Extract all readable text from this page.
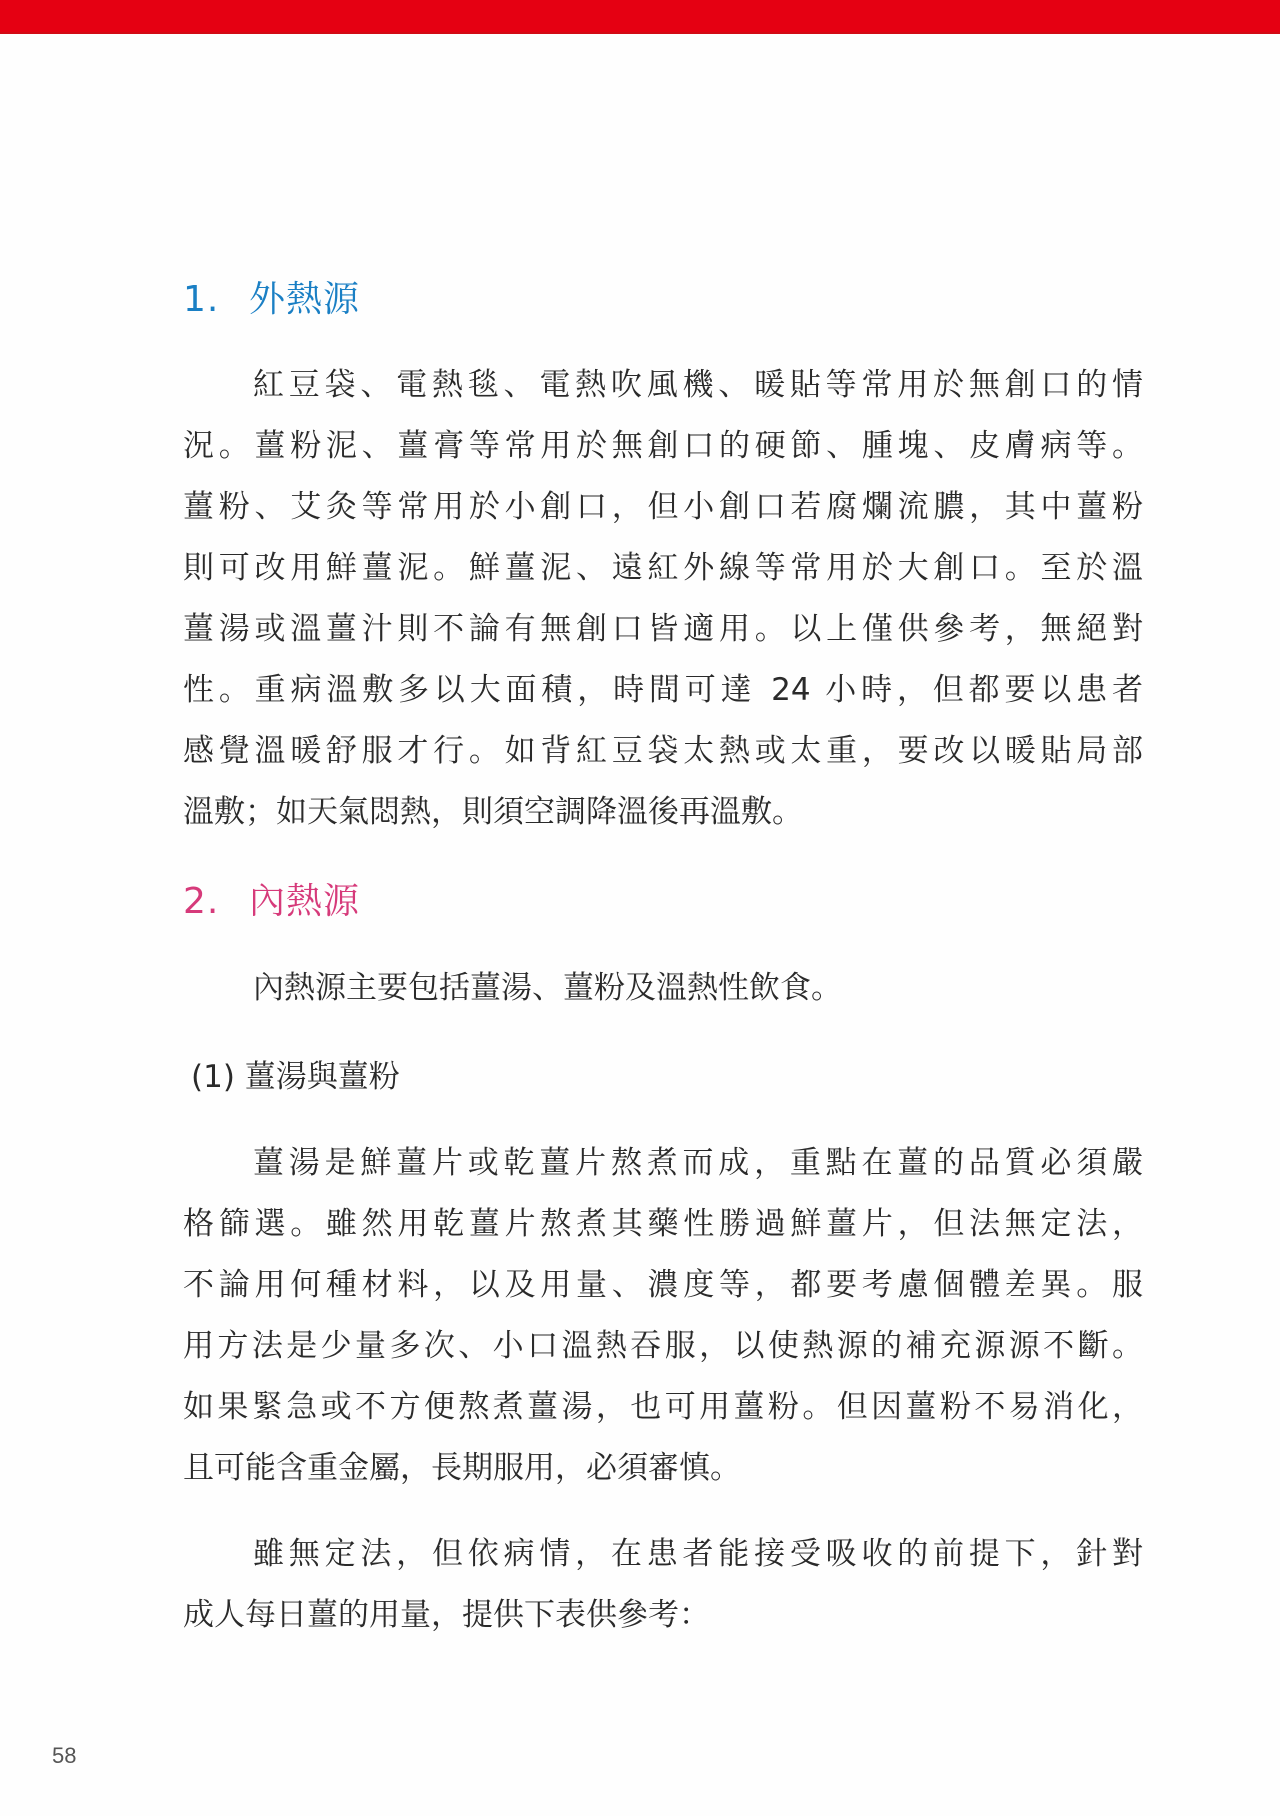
1. 外熱源
紅豆袋、電熱毯、電熱吹風機、暖貼等常用於無創口的情
況。薑粉泥、薑膏等常用於無創口的硬節、腫塊、皮膚病等。
薑粉、艾灸等常用於小創口，但小創口若腐爛流膿，其中薑粉
則可改用鮮薑泥。鮮薑泥、遠紅外線等常用於大創口。至於溫
薑湯或溫薑汁則不論有無創口皆適用。以上僅供參考，無絕對
性。重病溫敷多以大面積，時間可達 24 小時，但都要以患者
感覺溫暖舒服才行。如背紅豆袋太熱或太重，要改以暖貼局部
溫敷；如天氣悶熱，則須空調降溫後再溫敷。
2. 內熱源
內熱源主要包括薑湯、薑粉及溫熱性飲食。
(1) 薑湯與薑粉
薑湯是鮮薑片或乾薑片熬煮而成，重點在薑的品質必須嚴
格篩選。雖然用乾薑片熬煮其藥性勝過鮮薑片，但法無定法，
不論用何種材料，以及用量、濃度等，都要考慮個體差異。服
用方法是少量多次、小口溫熱吞服，以使熱源的補充源源不斷。
如果緊急或不方便熬煮薑湯，也可用薑粉。但因薑粉不易消化，
且可能含重金屬，長期服用，必須審慎。
雖無定法，但依病情，在患者能接受吸收的前提下，針對
成人每日薑的用量，提供下表供參考：
58
